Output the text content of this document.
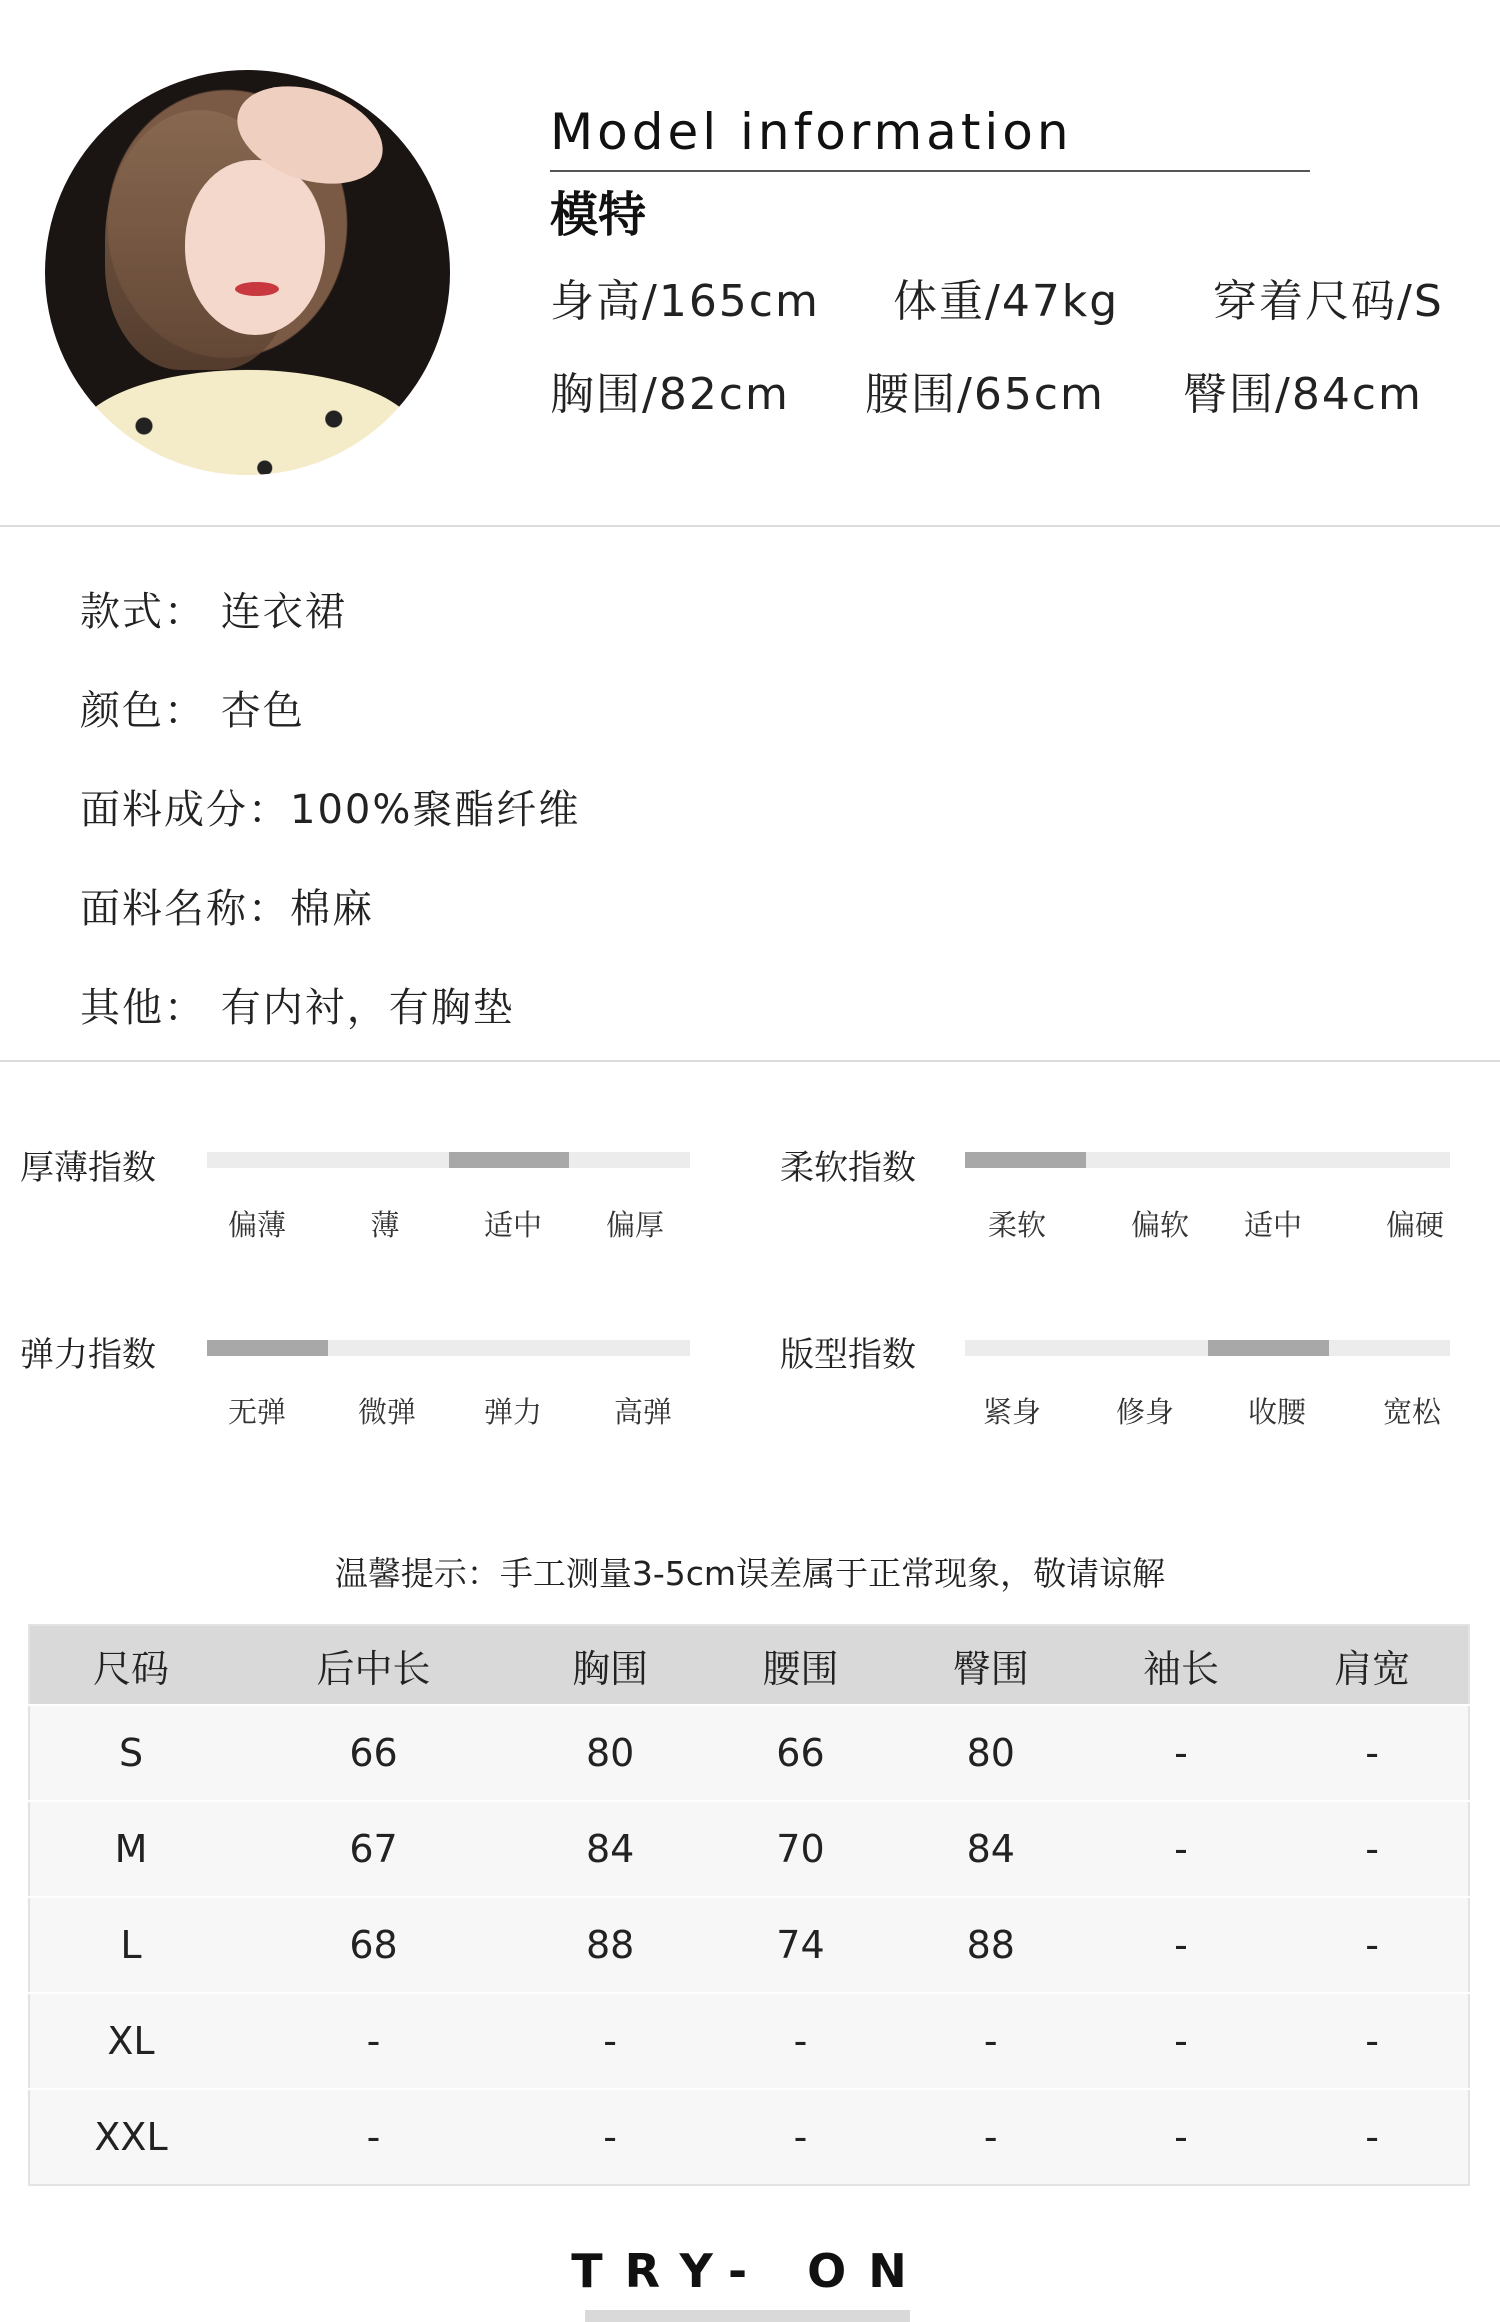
Model information
模特
身高/165cm 体重/47kg 穿着尺码/S
胸围/82cm 腰围/65cm 臀围/84cm
款式： 连衣裙
颜色： 杏色
面料成分：100%聚酯纤维
面料名称：棉麻
其他： 有内衬，有胸垫
厚薄指数
偏薄	薄	适中 偏厚
柔软指数
柔软	偏软 适中	偏硬
弹力指数
无弹 微弹 弹力 高弹
版型指数
紧身	修身	收腰	宽松
温馨提示：手工测量3-5cm误差属于正常现象，敬请谅解
尺码	后中长	胸围	腰围	臀围	袖长	肩宽
S	66	80	66	80	-	-
M	67	84	70	84	-	-
L	68	88	74	88	-	-
XL	-	-	-	-	-	-
XXL	-	-	-	-	-	-
TRY- ON
